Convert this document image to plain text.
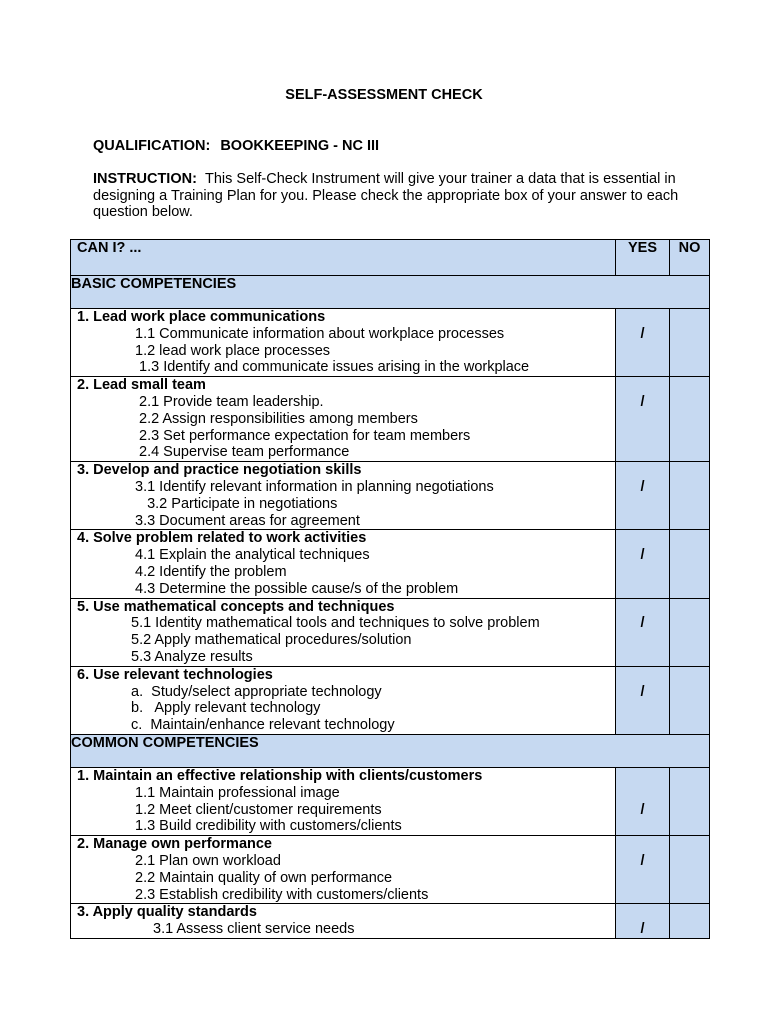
SELF-ASSESSMENT CHECK
QUALIFICATION: BOOKKEEPING - NC III
INSTRUCTION: This Self-Check Instrument will give your trainer a data that is essential in designing a Training Plan for you. Please check the appropriate box of your answer to each question below.
CAN I? ...	YES	NO
BASIC COMPETENCIES		

1. Lead work place communications
1.1 Communicate information about workplace processes
1.2 lead work place processes
1.3 Identify and communicate issues arising in the workplace	/	

2. Lead small team
2.1 Provide team leadership.
2.2 Assign responsibilities among members
2.3 Set performance expectation for team members
2.4 Supervise team performance	/	

3. Develop and practice negotiation skills
3.1 Identify relevant information in planning negotiations
3.2 Participate in negotiations
3.3 Document areas for agreement	/	

4. Solve problem related to work activities
4.1 Explain the analytical techniques
4.2 Identify the problem
4.3 Determine the possible cause/s of the problem	/	

5. Use mathematical concepts and techniques
5.1 Identity mathematical tools and techniques to solve problem
5.2 Apply mathematical procedures/solution
5.3 Analyze results	/	

6. Use relevant technologies
a.  Study/select appropriate technology
b.   Apply relevant technology
c.  Maintain/enhance relevant technology	/	
COMMON COMPETENCIES		

1. Maintain an effective relationship with clients/customers
1.1 Maintain professional image
1.2 Meet client/customer requirements
1.3 Build credibility with customers/clients	/	

2. Manage own performance
2.1 Plan own workload
2.2 Maintain quality of own performance
2.3 Establish credibility with customers/clients	/	

3. Apply quality standards
3.1 Assess client service needs	/	
